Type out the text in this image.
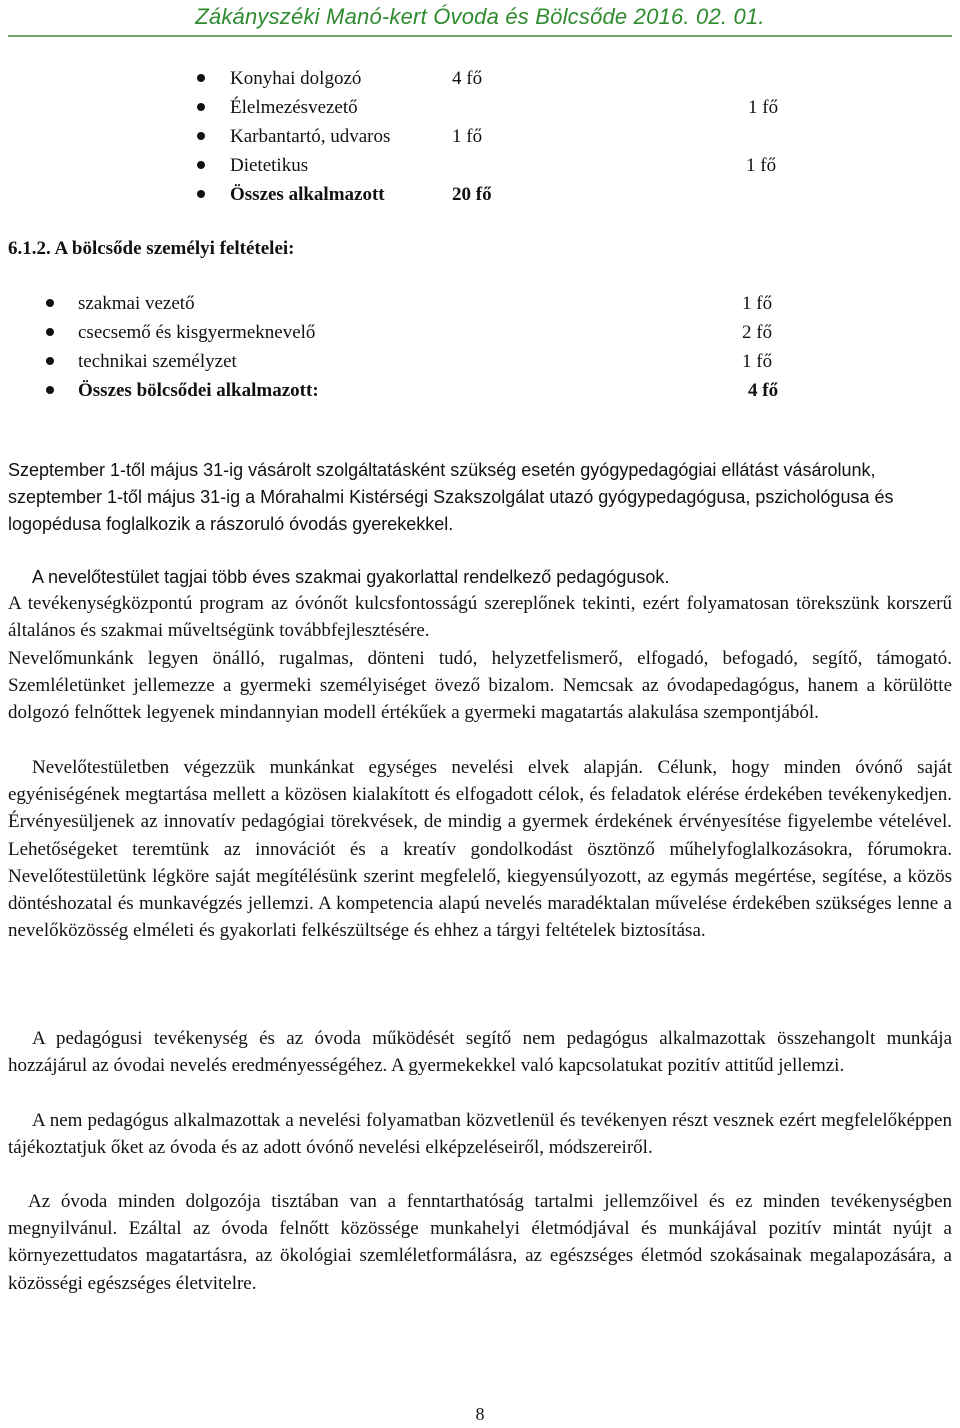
Zákányszéki Manó-kert Óvoda és Bölcsőde 2016. 02. 01.
Konyhai dolgozó	4 fő
Élelmezésvezető	1 fő
Karbantartó, udvaros	1 fő
Dietetikus	1 fő
Összes alkalmazott	20 fő
6.1.2. A bölcsőde személyi feltételei:
szakmai vezető	1 fő
csecsemő és kisgyermeknevelő	2 fő
technikai személyzet	1 fő
Összes bölcsődei alkalmazott:	4 fő

Szeptember 1-től május 31-ig vásárolt szolgáltatásként szükség esetén gyógypedagógiai ellátást vásárolunk, szeptember 1-től május 31-ig a Mórahalmi Kistérségi Szakszolgálat utazó gyógypedagógusa, pszichológusa és logopédusa foglalkozik a rászoruló óvodás gyerekekkel.

A nevelőtestület tagjai több éves szakmai gyakorlattal rendelkező pedagógusok.

A tevékenységközpontú program az óvónőt kulcsfontosságú szereplőnek tekinti, ezért folyamatosan törekszünk korszerű általános és szakmai műveltségünk továbbfejlesztésére.

Nevelőmunkánk legyen önálló, rugalmas, dönteni tudó, helyzetfelismerő, elfogadó, befogadó, segítő, támogató. Szemléletünket jellemezze a gyermeki személyiséget övező bizalom. Nemcsak az óvodapedagógus, hanem a körülötte dolgozó felnőttek legyenek mindannyian modell értékűek a gyermeki magatartás alakulása szempontjából.

Nevelőtestületben végezzük munkánkat egységes nevelési elvek alapján. Célunk, hogy minden óvónő saját egyéniségének megtartása mellett a közösen kialakított és elfogadott célok, és feladatok elérése érdekében tevékenykedjen. Érvényesüljenek az innovatív pedagógiai törekvések, de mindig a gyermek érdekének érvényesítése figyelembe vételével. Lehetőségeket teremtünk az innovációt és a kreatív gondolkodást ösztönző műhelyfoglalkozásokra, fórumokra. Nevelőtestületünk légköre saját megítélésünk szerint megfelelő, kiegyensúlyozott, az egymás megértése, segítése, a közös döntéshozatal és munkavégzés jellemzi. A kompetencia alapú nevelés maradéktalan művelése érdekében szükséges lenne a nevelőközösség elméleti és gyakorlati felkészültsége és ehhez a tárgyi feltételek biztosítása.

A pedagógusi tevékenység és az óvoda működését segítő nem pedagógus alkalmazottak összehangolt munkája hozzájárul az óvodai nevelés eredményességéhez. A gyermekekkel való kapcsolatukat pozitív attitűd jellemzi.

A nem pedagógus alkalmazottak a nevelési folyamatban közvetlenül és tevékenyen részt vesznek ezért megfelelőképpen tájékoztatjuk őket az óvoda és az adott óvónő nevelési elképzeléseiről, módszereiről.

Az óvoda minden dolgozója tisztában van a fenntarthatóság tartalmi jellemzőivel és ez minden tevékenységben megnyilvánul. Ezáltal az óvoda felnőtt közössége munkahelyi életmódjával és munkájával pozitív mintát nyújt a környezettudatos magatartásra, az ökológiai szemléletformálásra, az egészséges életmód szokásainak megalapozására, a közösségi egészséges életvitelre.

8
